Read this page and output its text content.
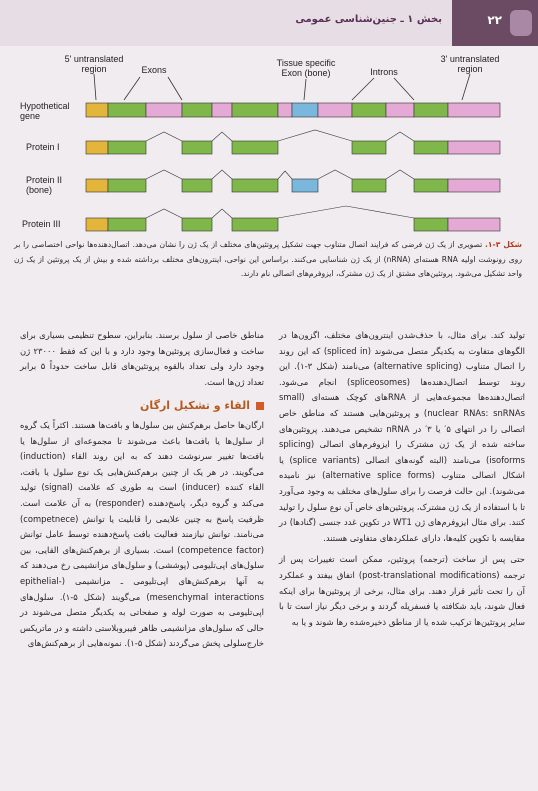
۲۲
بخش ۱ ـ جنین‌شناسی عمومی
5' untranslated
region	Exons
Tissue specific
Exon (bone)	Introns
3' untranslated
region
Hypothetical
gene
Protein I
Protein II
(bone)
Protein III
شکل ۳-۱. تصویری از یک ژن فرضی که فرایند اتصال متناوب جهت تشکیل پروتئین‌های مختلف از یک ژن را نشان می‌دهد. اتصال‌دهنده‌ها نواحی اختصاصی را بر روی رونوشت اولیه RNA هسته‌ای (nRNA) از یک ژن شناسایی می‌کنند. براساس این نواحی، اینترون‌های مختلف برداشته شده و بیش از یک پروتئین از یک ژن واحد تشکیل می‌شود. پروتئین‌های مشتق از یک ژن مشترک، ایزوفرم‌های اتصالی نام دارند.

تولید کند. برای مثال، با حذف‌شدن اینترون‌های مختلف، اگزون‌ها در الگوهای متفاوت به یکدیگر متصل می‌شوند (spliced in) که این روند را اتصال متناوب (alternative splicing) می‌نامند (شکل ۳-۱). این روند توسط اتصال‌دهنده‌ها (spliceosomes) انجام می‌شود. اتصال‌دهنده‌ها مجموعه‌هایی از RNAهای کوچک هسته‌ای (small nuclear RNAs: snRNAs) و پروتئین‌هایی هستند که مناطق خاص اتصالی را در انتهای ۵′ یا ۳′ در nRNA تشخیص می‌دهند. پروتئین‌های ساخته شده از یک ژن مشترک را ایزوفرم‌های اتصالی (splicing isoforms) می‌نامند (البته گونه‌های اتصالی (splice variants) یا اشکال اتصالی متناوب (alternative splice forms) نیز نامیده می‌شوند). این حالت فرصت را برای سلول‌های مختلف به وجود می‌آورد تا با استفاده از یک ژن مشترک، پروتئین‌های خاص آن نوع سلول را تولید کنند. برای مثال ایزوفرم‌های ژن WT1 در تکوین غدد جنسی (گنادها) در مقایسه با تکوین کلیه‌ها، دارای عملکردهای متفاوتی هستند.

حتی پس از ساخت (ترجمه) پروتئین، ممکن است تغییرات پس از ترجمه (post-translational modifications) اتفاق بیفتد و عملکرد آن را تحت تأثیر قرار دهند. برای مثال، برخی از پروتئین‌ها برای اینکه فعال شوند، باید شکافته یا فسفریله گردند و برخی دیگر نیاز است تا با سایر پروتئین‌ها ترکیب شده یا از مناطق ذخیره‌شده رها شوند و یا به

مناطق خاصی از سلول برسند. بنابراین، سطوح تنظیمی بسیاری برای ساخت و فعال‌سازی پروتئین‌ها وجود دارد و با این که فقط ۲۳۰۰۰ ژن وجود دارد ولی تعداد بالقوه پروتئین‌های قابل ساخت حدوداً ۵ برابر تعداد ژن‌ها است.

القاء و تشکیل ارگان

ارگان‌ها حاصل برهم‌کنش بین سلول‌ها و بافت‌ها هستند. اکثراً یک گروه از سلول‌ها یا بافت‌ها باعث می‌شوند تا مجموعه‌ای از سلول‌ها یا بافت‌ها تغییر سرنوشت دهند که به این روند القاء (induction) می‌گویند. در هر یک از چنین برهم‌کنش‌هایی یک نوع سلول یا بافت، القاء کننده (inducer) است به طوری که علامت (signal) تولید می‌کند و گروه دیگر، پاسخ‌دهنده (responder) به آن علامت است. ظرفیت پاسخ به چنین علایمی را قابلیت یا توانش (competnece) می‌نامند. توانش نیازمند فعالیت بافت پاسخ‌دهنده توسط عامل توانش (competence factor) است. بسیاری از برهم‌کنش‌های القایی، بین سلول‌های اپی‌تلیومی (پوششی) و سلول‌های مزانشیمی رخ می‌دهند که به آنها برهم‌کنش‌های اپی‌تلیومی ـ مزانشیمی (epithelial-mesenchymal interactions) می‌گویند (شکل ۵-۱). سلول‌های اپی‌تلیومی به صورت لوله و صفحاتی به یکدیگر متصل می‌شوند در حالی که سلول‌های مزانشیمی ظاهر فیبروبلاستی داشته و در ماتریکس خارج‌سلولی پخش می‌گردند (شکل ۵-۱). نمونه‌هایی از برهم‌کنش‌های
